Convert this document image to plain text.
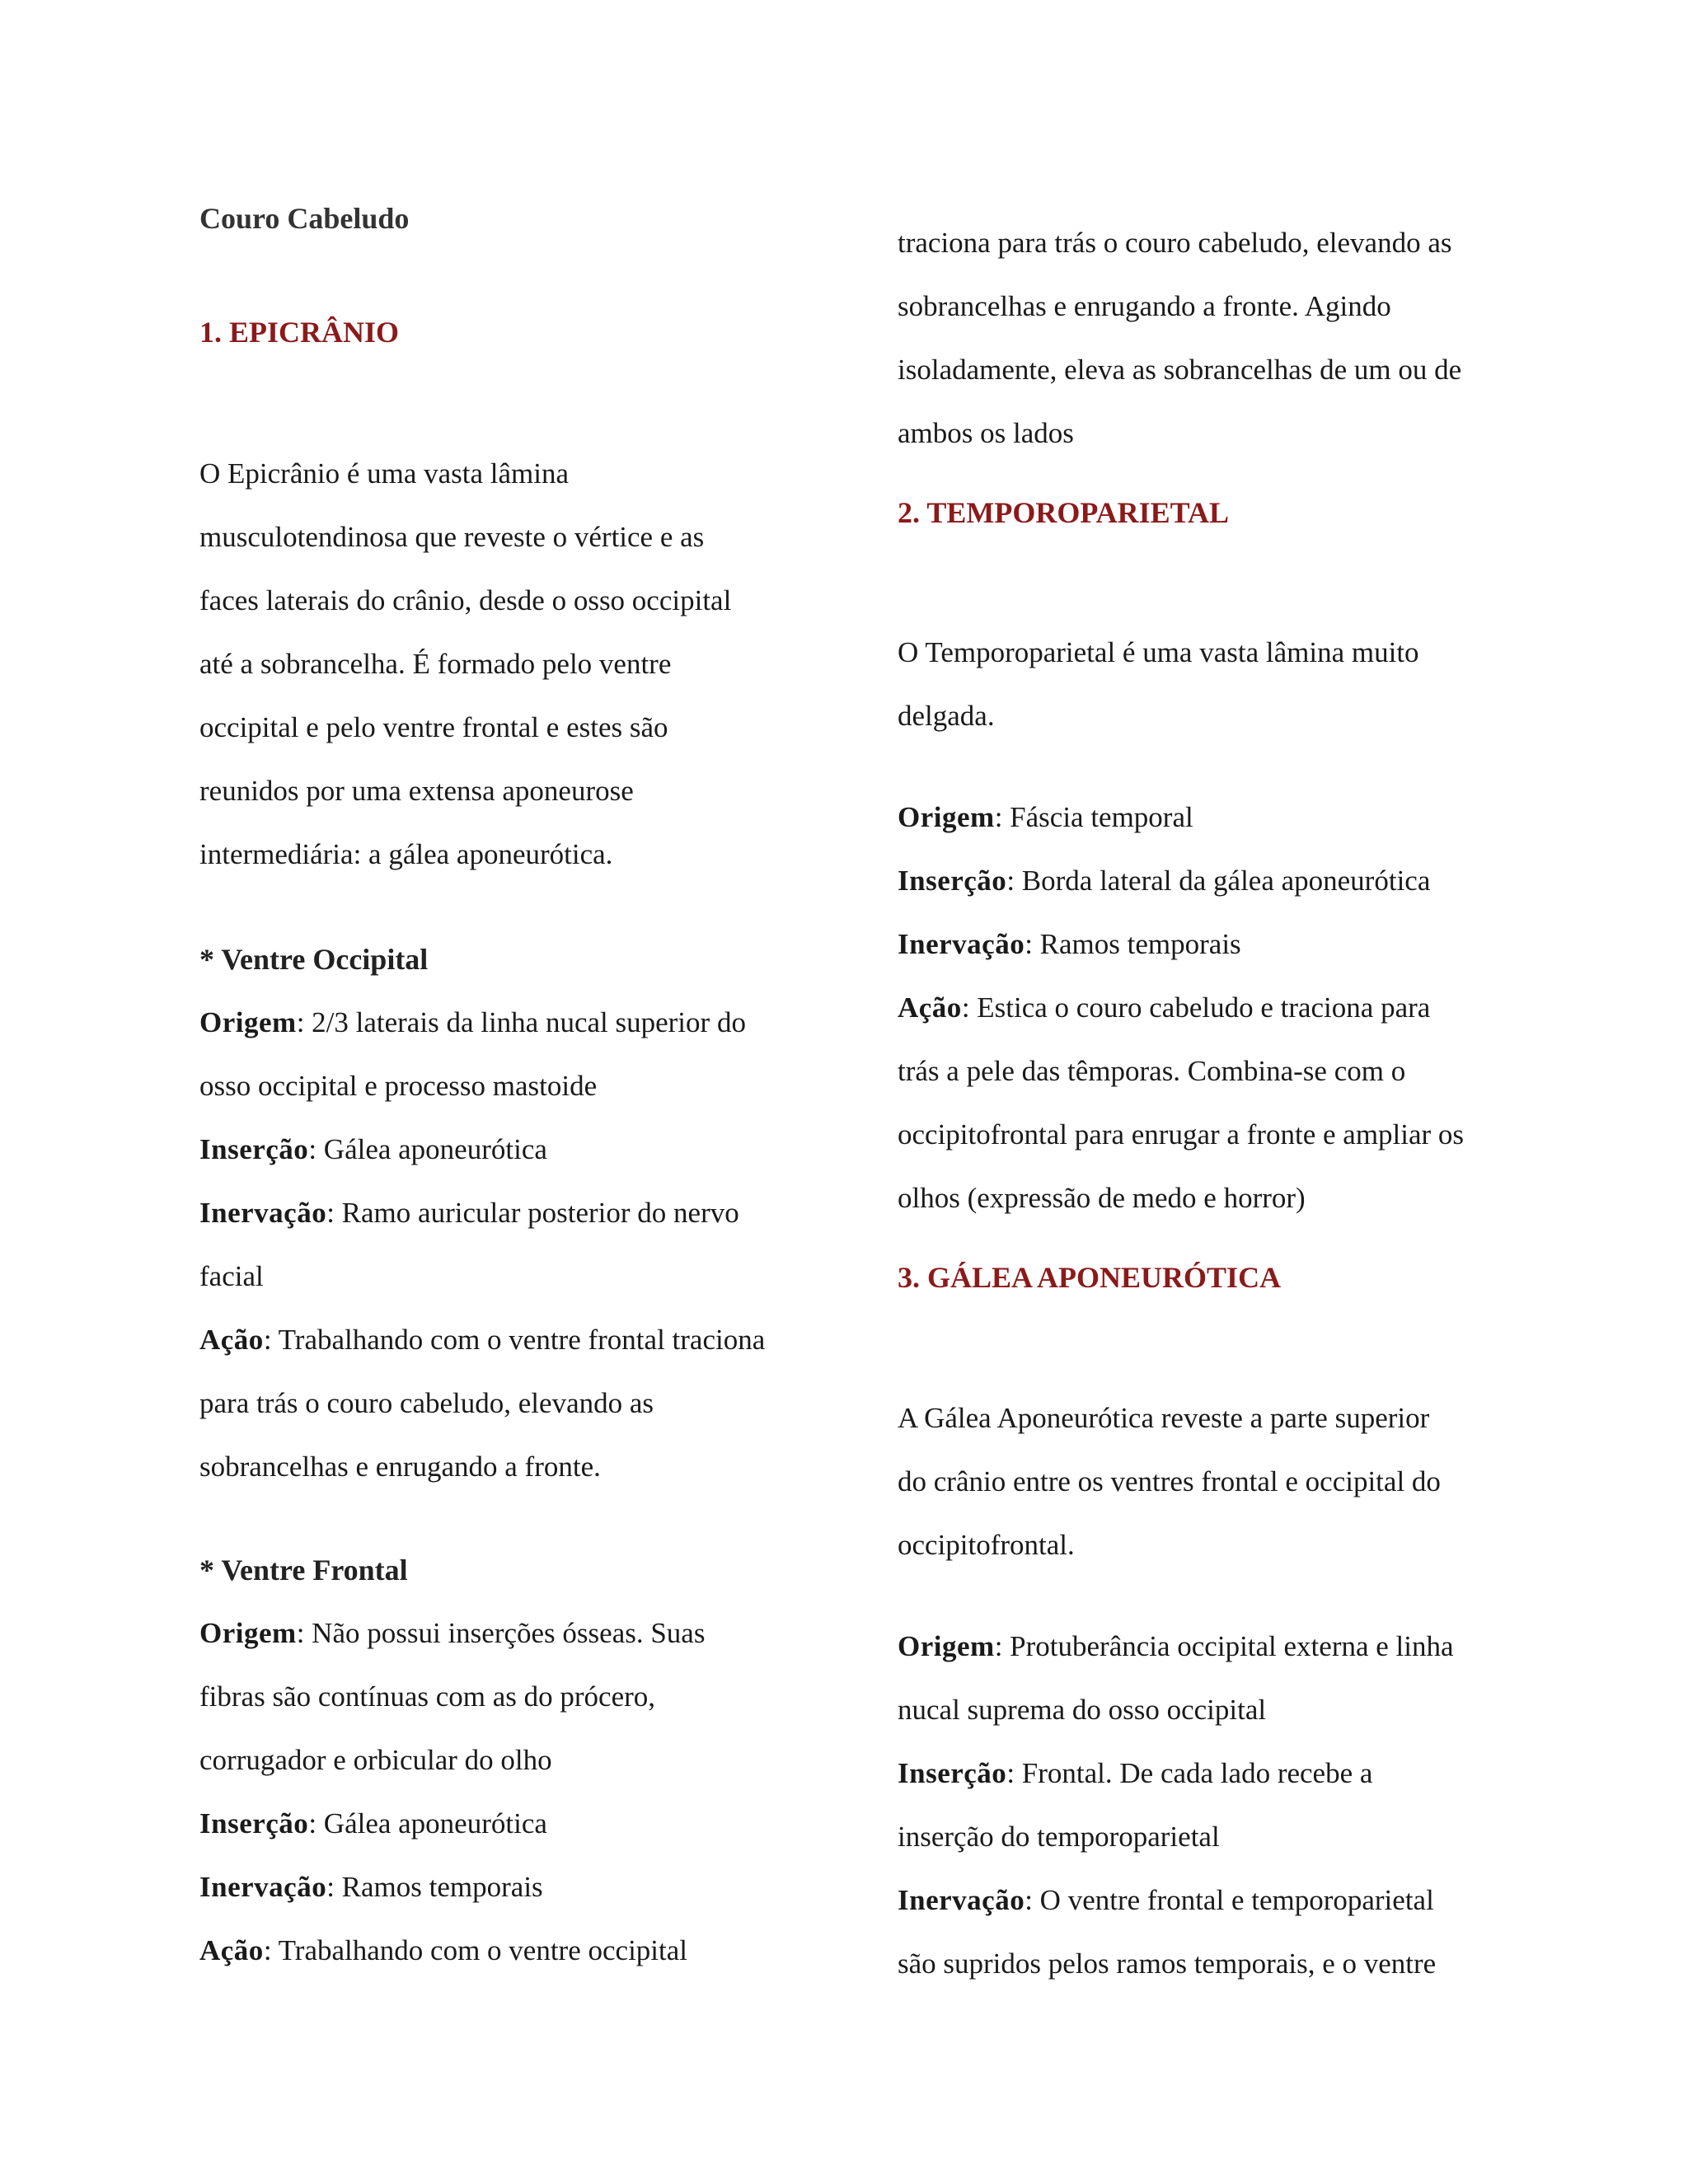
Couro Cabeludo
1. EPICRÂNIO
O Epicrânio é uma vasta lâmina
musculotendinosa que reveste o vértice e as
faces laterais do crânio, desde o osso occipital
até a sobrancelha. É formado pelo ventre
occipital e pelo ventre frontal e estes são
reunidos por uma extensa aponeurose
intermediária: a gálea aponeurótica.
* Ventre Occipital
Origem: 2/3 laterais da linha nucal superior do
osso occipital e processo mastoide
Inserção: Gálea aponeurótica
Inervação: Ramo auricular posterior do nervo
facial
Ação: Trabalhando com o ventre frontal traciona
para trás o couro cabeludo, elevando as
sobrancelhas e enrugando a fronte.
* Ventre Frontal
Origem: Não possui inserções ósseas. Suas
fibras são contínuas com as do prócero,
corrugador e orbicular do olho
Inserção: Gálea aponeurótica
Inervação: Ramos temporais
Ação: Trabalhando com o ventre occipital
traciona para trás o couro cabeludo, elevando as
sobrancelhas e enrugando a fronte. Agindo
isoladamente, eleva as sobrancelhas de um ou de
ambos os lados
2. TEMPOROPARIETAL
O Temporoparietal é uma vasta lâmina muito
delgada.
Origem: Fáscia temporal
Inserção: Borda lateral da gálea aponeurótica
Inervação: Ramos temporais
Ação: Estica o couro cabeludo e traciona para
trás a pele das têmporas. Combina-se com o
occipitofrontal para enrugar a fronte e ampliar os
olhos (expressão de medo e horror)
3. GÁLEA APONEURÓTICA
A Gálea Aponeurótica reveste a parte superior
do crânio entre os ventres frontal e occipital do
occipitofrontal.
Origem: Protuberância occipital externa e linha
nucal suprema do osso occipital
Inserção: Frontal. De cada lado recebe a
inserção do temporoparietal
Inervação: O ventre frontal e temporoparietal
são supridos pelos ramos temporais, e o ventre
